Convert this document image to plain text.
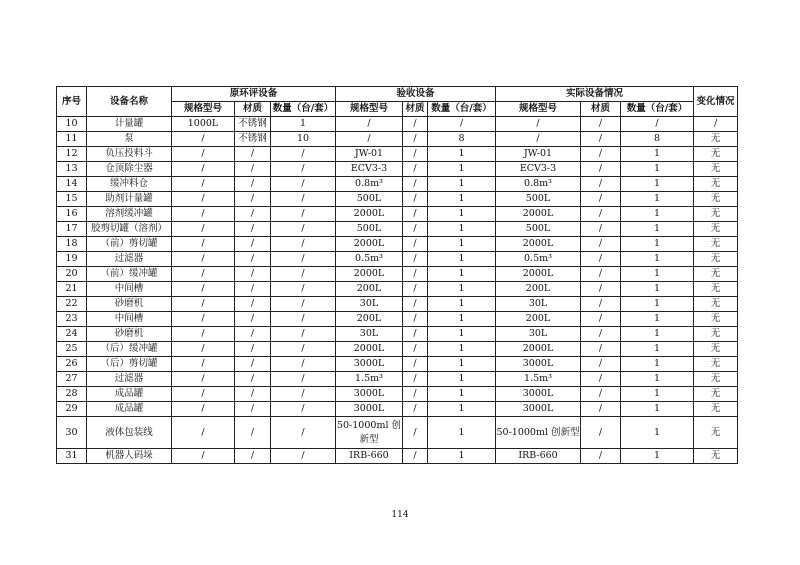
序号	设备名称	原环评设备			验收设备			实际设备情况			变化情况
		规格型号	材质	数量（台/套）	规格型号	材质	数量（台/套）	规格型号	材质	数量（台/套）	
10	计量罐	1000L	不锈钢	1	/	/	/	/	/	/	/
11	泵	/	不锈钢	10	/	/	8	/	/	8	无
12	负压投料斗	/	/	/	JW-01	/	1	JW-01	/	1	无
13	仓顶除尘器	/	/	/	ECV3-3	/	1	ECV3-3	/	1	无
14	缓冲料仓	/	/	/	0.8m³	/	1	0.8m³	/	1	无
15	助剂计量罐	/	/	/	500L	/	1	500L	/	1	无
16	溶剂缓冲罐	/	/	/	2000L	/	1	2000L	/	1	无
17	胶剪切罐（溶剂）	/	/	/	500L	/	1	500L	/	1	无
18	（前）剪切罐	/	/	/	2000L	/	1	2000L	/	1	无
19	过滤器	/	/	/	0.5m³	/	1	0.5m³	/	1	无
20	（前）缓冲罐	/	/	/	2000L	/	1	2000L	/	1	无
21	中间槽	/	/	/	200L	/	1	200L	/	1	无
22	砂磨机	/	/	/	30L	/	1	30L	/	1	无
23	中间槽	/	/	/	200L	/	1	200L	/	1	无
24	砂磨机	/	/	/	30L	/	1	30L	/	1	无
25	（后）缓冲罐	/	/	/	2000L	/	1	2000L	/	1	无
26	（后）剪切罐	/	/	/	3000L	/	1	3000L	/	1	无
27	过滤器	/	/	/	1.5m³	/	1	1.5m³	/	1	无
28	成品罐	/	/	/	3000L	/	1	3000L	/	1	无
29	成品罐	/	/	/	3000L	/	1	3000L	/	1	无
30	液体包装线	/	/	/	50-1000ml 创新型	/	1	50-1000ml 创新型	/	1	无
31	机器人码垛	/	/	/	IRB-660	/	1	IRB-660	/	1	无
114
